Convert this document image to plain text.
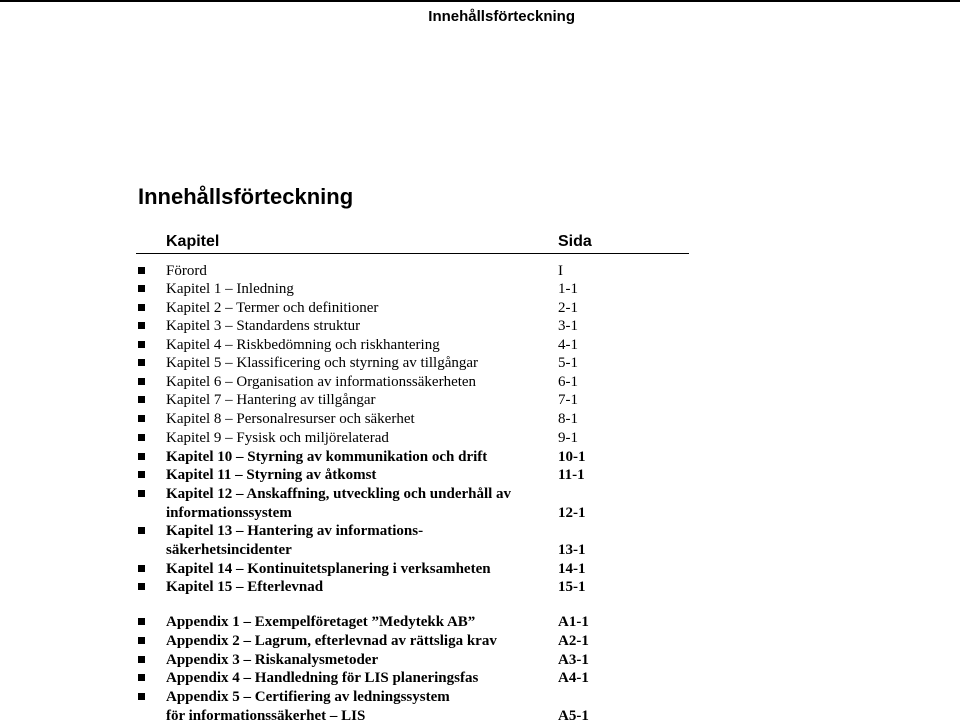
Innehållsförteckning
Innehållsförteckning
Kapitel	Sida
Förord	I
Kapitel 1 – Inledning	1-1
Kapitel 2 – Termer och definitioner	2-1
Kapitel 3 – Standardens struktur	3-1
Kapitel 4 – Riskbedömning och riskhantering	4-1
Kapitel 5 – Klassificering och styrning av tillgångar	5-1
Kapitel 6 – Organisation av informationssäkerheten	6-1
Kapitel 7 – Hantering av tillgångar	7-1
Kapitel 8 – Personalresurser och säkerhet	8-1
Kapitel 9 – Fysisk och miljörelaterad	9-1
Kapitel 10 – Styrning av kommunikation och drift	10-1
Kapitel 11 – Styrning av åtkomst	11-1
Kapitel 12 – Anskaffning, utveckling och underhåll av
informationssystem	12-1
Kapitel 13 – Hantering av informations-
säkerhetsincidenter	13-1
Kapitel 14 – Kontinuitetsplanering i verksamheten	14-1
Kapitel 15 – Efterlevnad	15-1
Appendix 1 – Exempelföretaget ”Medytekk AB”	A1-1
Appendix 2 – Lagrum, efterlevnad av rättsliga krav	A2-1
Appendix 3 – Riskanalysmetoder	A3-1
Appendix 4 – Handledning för LIS planeringsfas	A4-1
Appendix 5 – Certifiering av ledningssystem
för informationssäkerhet – LIS	A5-1
